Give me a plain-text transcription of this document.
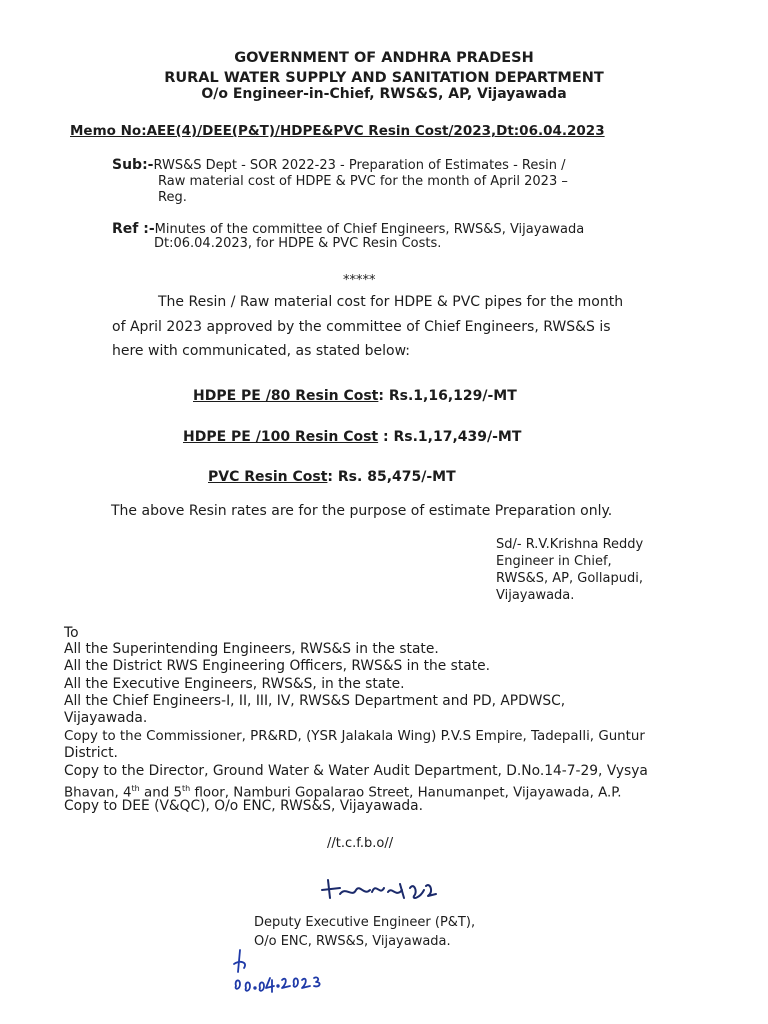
GOVERNMENT OF ANDHRA PRADESH
RURAL WATER SUPPLY AND SANITATION DEPARTMENT
O/o Engineer-in-Chief, RWS&S, AP, Vijayawada
Memo No:AEE(4)/DEE(P&T)/HDPE&PVC Resin Cost/2023,Dt:06.04.2023
Sub:-RWS&S Dept - SOR 2022-23 - Preparation of Estimates - Resin /
Raw material cost of HDPE & PVC for the month of April 2023 –
Reg.
Ref :-Minutes of the committee of Chief Engineers, RWS&S, Vijayawada
Dt:06.04.2023, for HDPE & PVC Resin Costs.
*****
The Resin / Raw material cost for HDPE & PVC pipes for the month
of April 2023 approved by the committee of Chief Engineers, RWS&S is
here with communicated, as stated below:
HDPE PE /80 Resin Cost: Rs.1,16,129/-MT
HDPE PE /100 Resin Cost : Rs.1,17,439/-MT
PVC Resin Cost: Rs. 85,475/-MT
The above Resin rates are for the purpose of estimate Preparation only.
Sd/- R.V.Krishna Reddy
Engineer in Chief,
RWS&S, AP, Gollapudi,
Vijayawada.
To
All the Superintending Engineers, RWS&S in the state.
All the District RWS Engineering Officers, RWS&S in the state.
All the Executive Engineers, RWS&S, in the state.
All the Chief Engineers-I, II, III, IV, RWS&S Department and PD, APDWSC,
Vijayawada.
Copy to the Commissioner, PR&RD, (YSR Jalakala Wing) P.V.S Empire, Tadepalli, Guntur
District.
Copy to the Director, Ground Water & Water Audit Department, D.No.14-7-29, Vysya
Bhavan, 4th and 5th floor, Namburi Gopalarao Street, Hanumanpet, Vijayawada, A.P.
Copy to DEE (V&QC), O/o ENC, RWS&S, Vijayawada.
//t.c.f.b.o//
Deputy Executive Engineer (P&T),
O/o ENC, RWS&S, Vijayawada.
